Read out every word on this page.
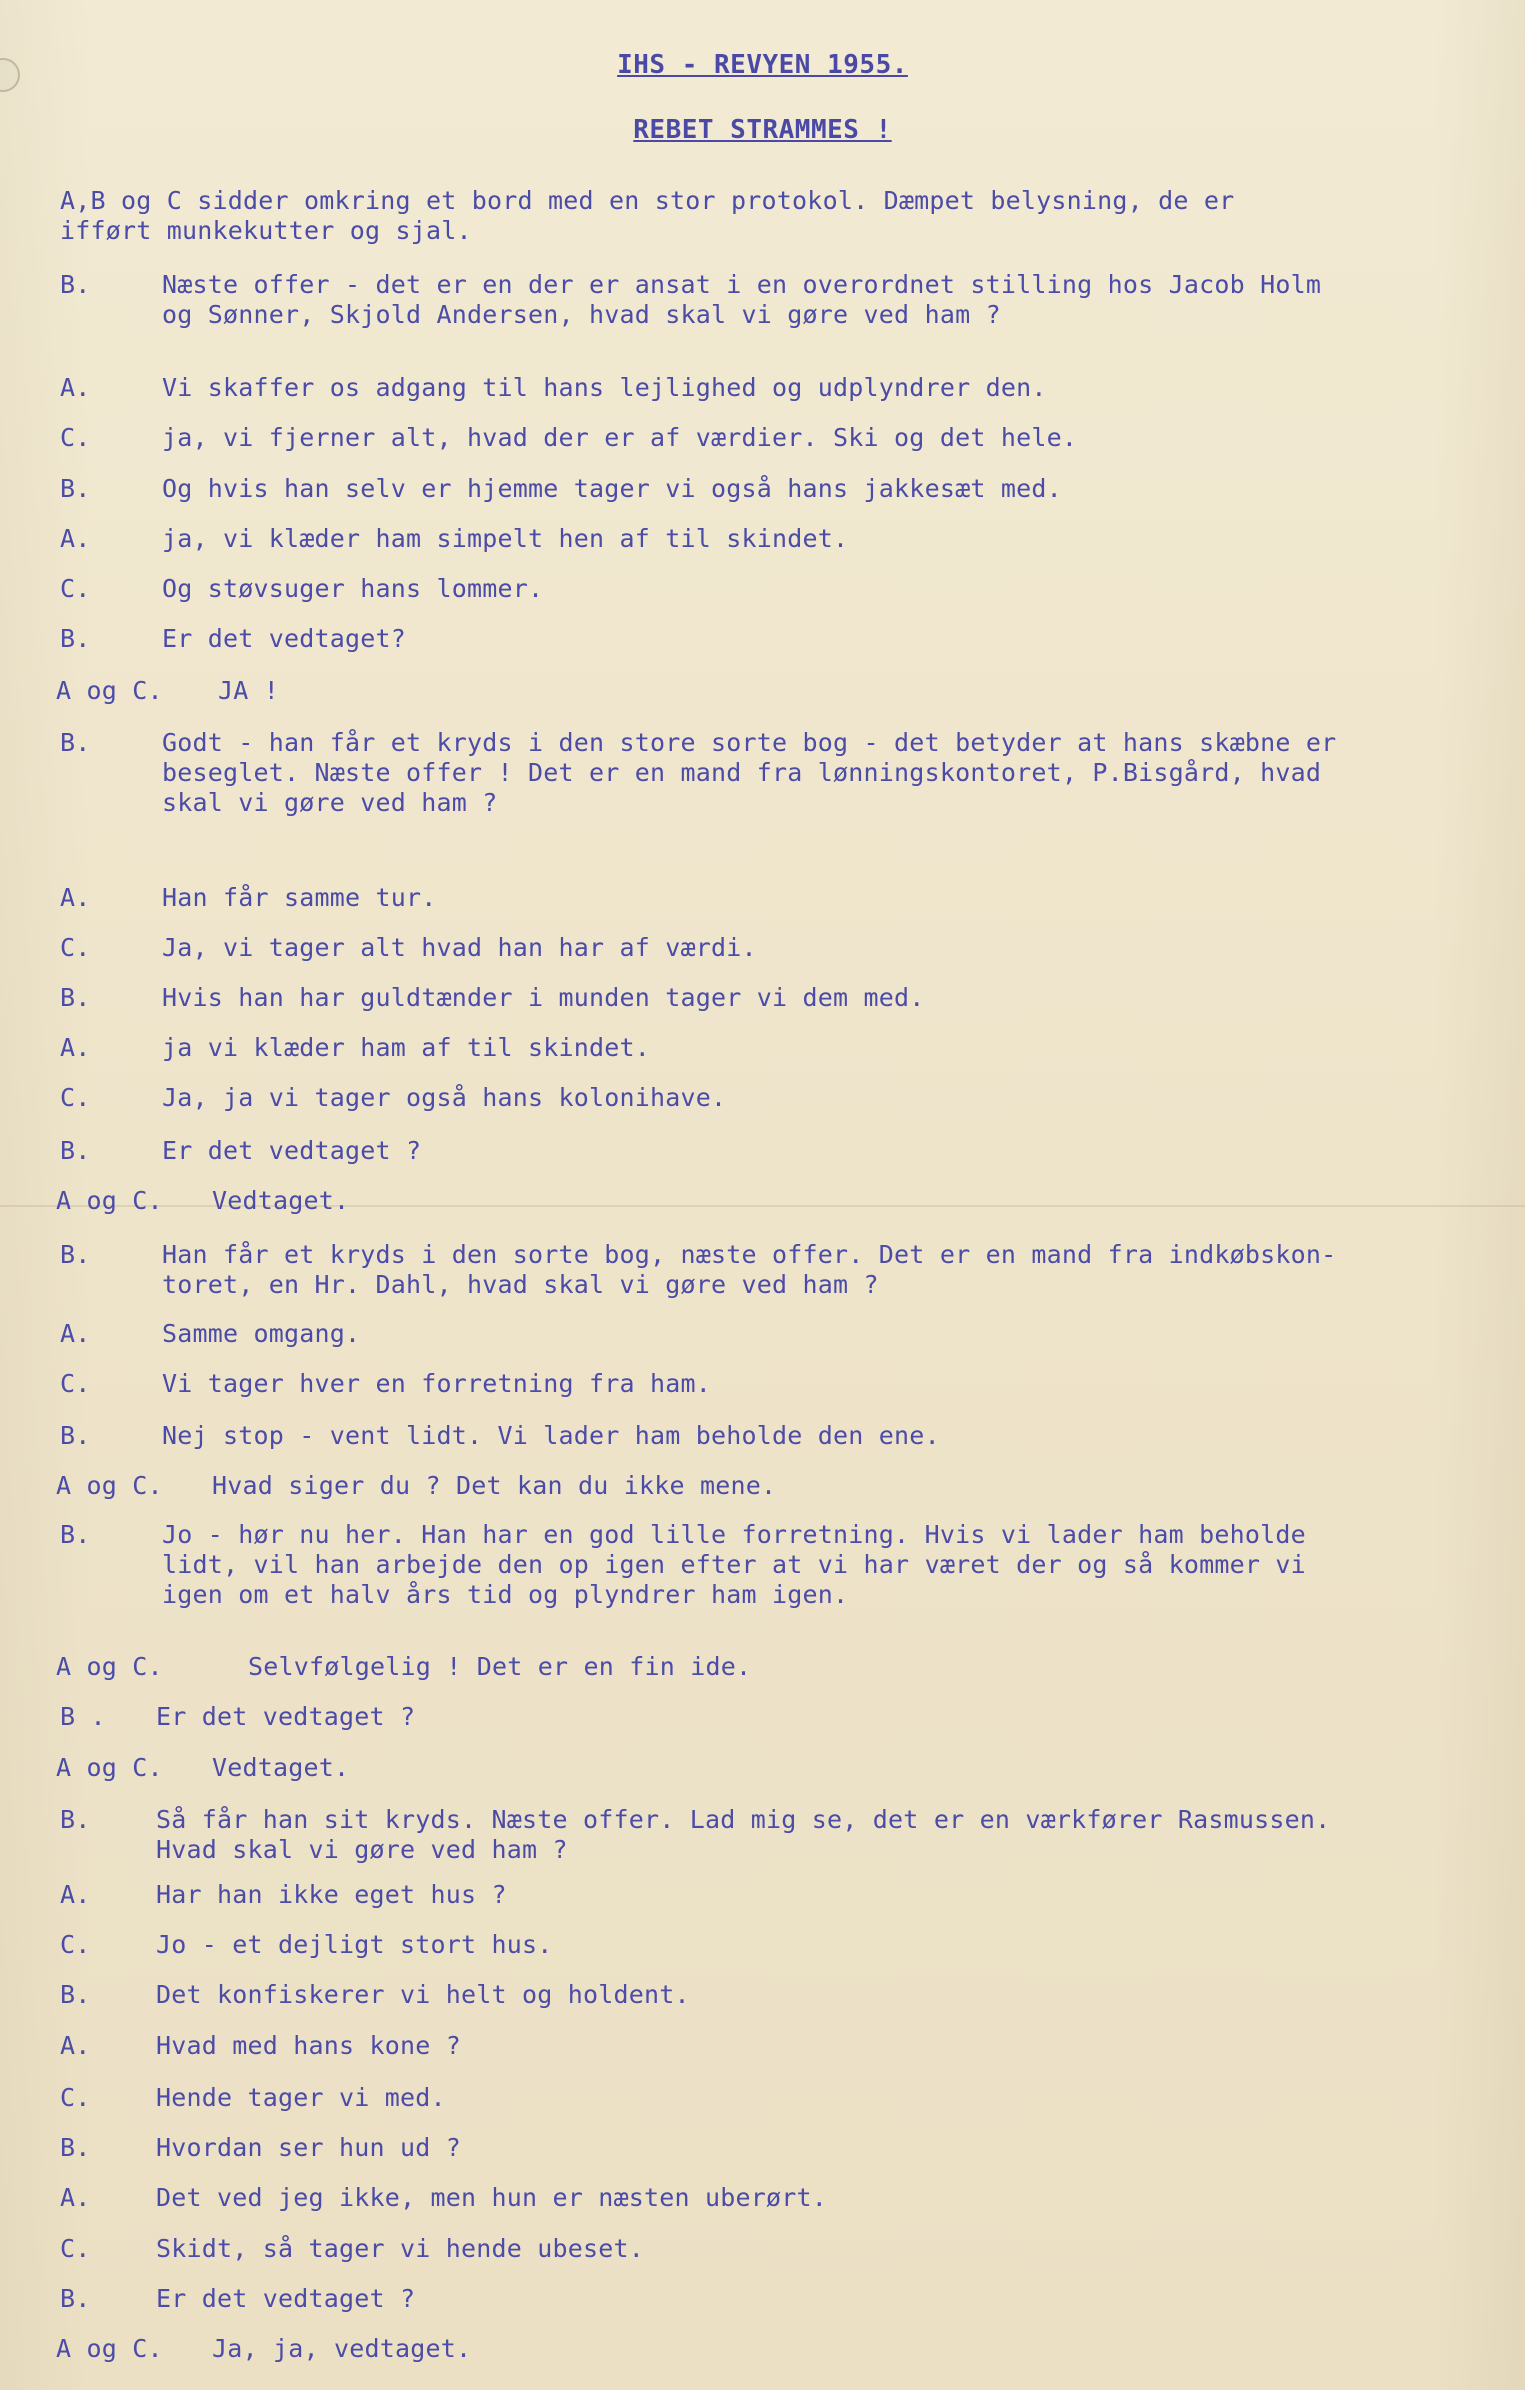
IHS - REVYEN 1955.
REBET STRAMMES !
A,B og C sidder omkring et bord med en stor protokol. Dæmpet belysning, de er
ifført munkekutter og sjal.
B.	Næste offer - det er en der er ansat i en overordnet stilling hos Jacob Holm
og Sønner, Skjold Andersen, hvad skal vi gøre ved ham ?
A.	Vi skaffer os adgang til hans lejlighed og udplyndrer den.
C.	ja, vi fjerner alt, hvad der er af værdier. Ski og det hele.
B.	Og hvis han selv er hjemme tager vi også hans jakkesæt med.
A.	ja, vi klæder ham simpelt hen af til skindet.
C.	Og støvsuger hans lommer.
B.	Er det vedtaget?
A og C. JA !
B.	Godt - han får et kryds i den store sorte bog - det betyder at hans skæbne er
beseglet. Næste offer ! Det er en mand fra lønningskontoret, P.Bisgård, hvad
skal vi gøre ved ham ?
A.	Han får samme tur.
C.	Ja, vi tager alt hvad han har af værdi.
B.	Hvis han har guldtænder i munden tager vi dem med.
A.	ja vi klæder ham af til skindet.
C.	Ja, ja vi tager også hans kolonihave.
B.	Er det vedtaget ?
A og C. Vedtaget.
B.	Han får et kryds i den sorte bog, næste offer. Det er en mand fra indkøbskon-
toret, en Hr. Dahl, hvad skal vi gøre ved ham ?
A.	Samme omgang.
C.	Vi tager hver en forretning fra ham.
B.	Nej stop - vent lidt. Vi lader ham beholde den ene.
A og C. Hvad siger du ? Det kan du ikke mene.
B.	Jo - hør nu her. Han har en god lille forretning. Hvis vi lader ham beholde
lidt, vil han arbejde den op igen efter at vi har været der og så kommer vi
igen om et halv års tid og plyndrer ham igen.
A og C.	Selvfølgelig ! Det er en fin ide.
B . Er det vedtaget ?
A og C. Vedtaget.
B.	Så får han sit kryds. Næste offer. Lad mig se, det er en værkfører Rasmussen.
Hvad skal vi gøre ved ham ?
A.	Har han ikke eget hus ?
C.	Jo - et dejligt stort hus.
B.	Det konfiskerer vi helt og holdent.
A.	Hvad med hans kone ?
C.	Hende tager vi med.
B.	Hvordan ser hun ud ?
A.	Det ved jeg ikke, men hun er næsten uberørt.
C.	Skidt, så tager vi hende ubeset.
B.	Er det vedtaget ?
A og C. Ja, ja, vedtaget.
